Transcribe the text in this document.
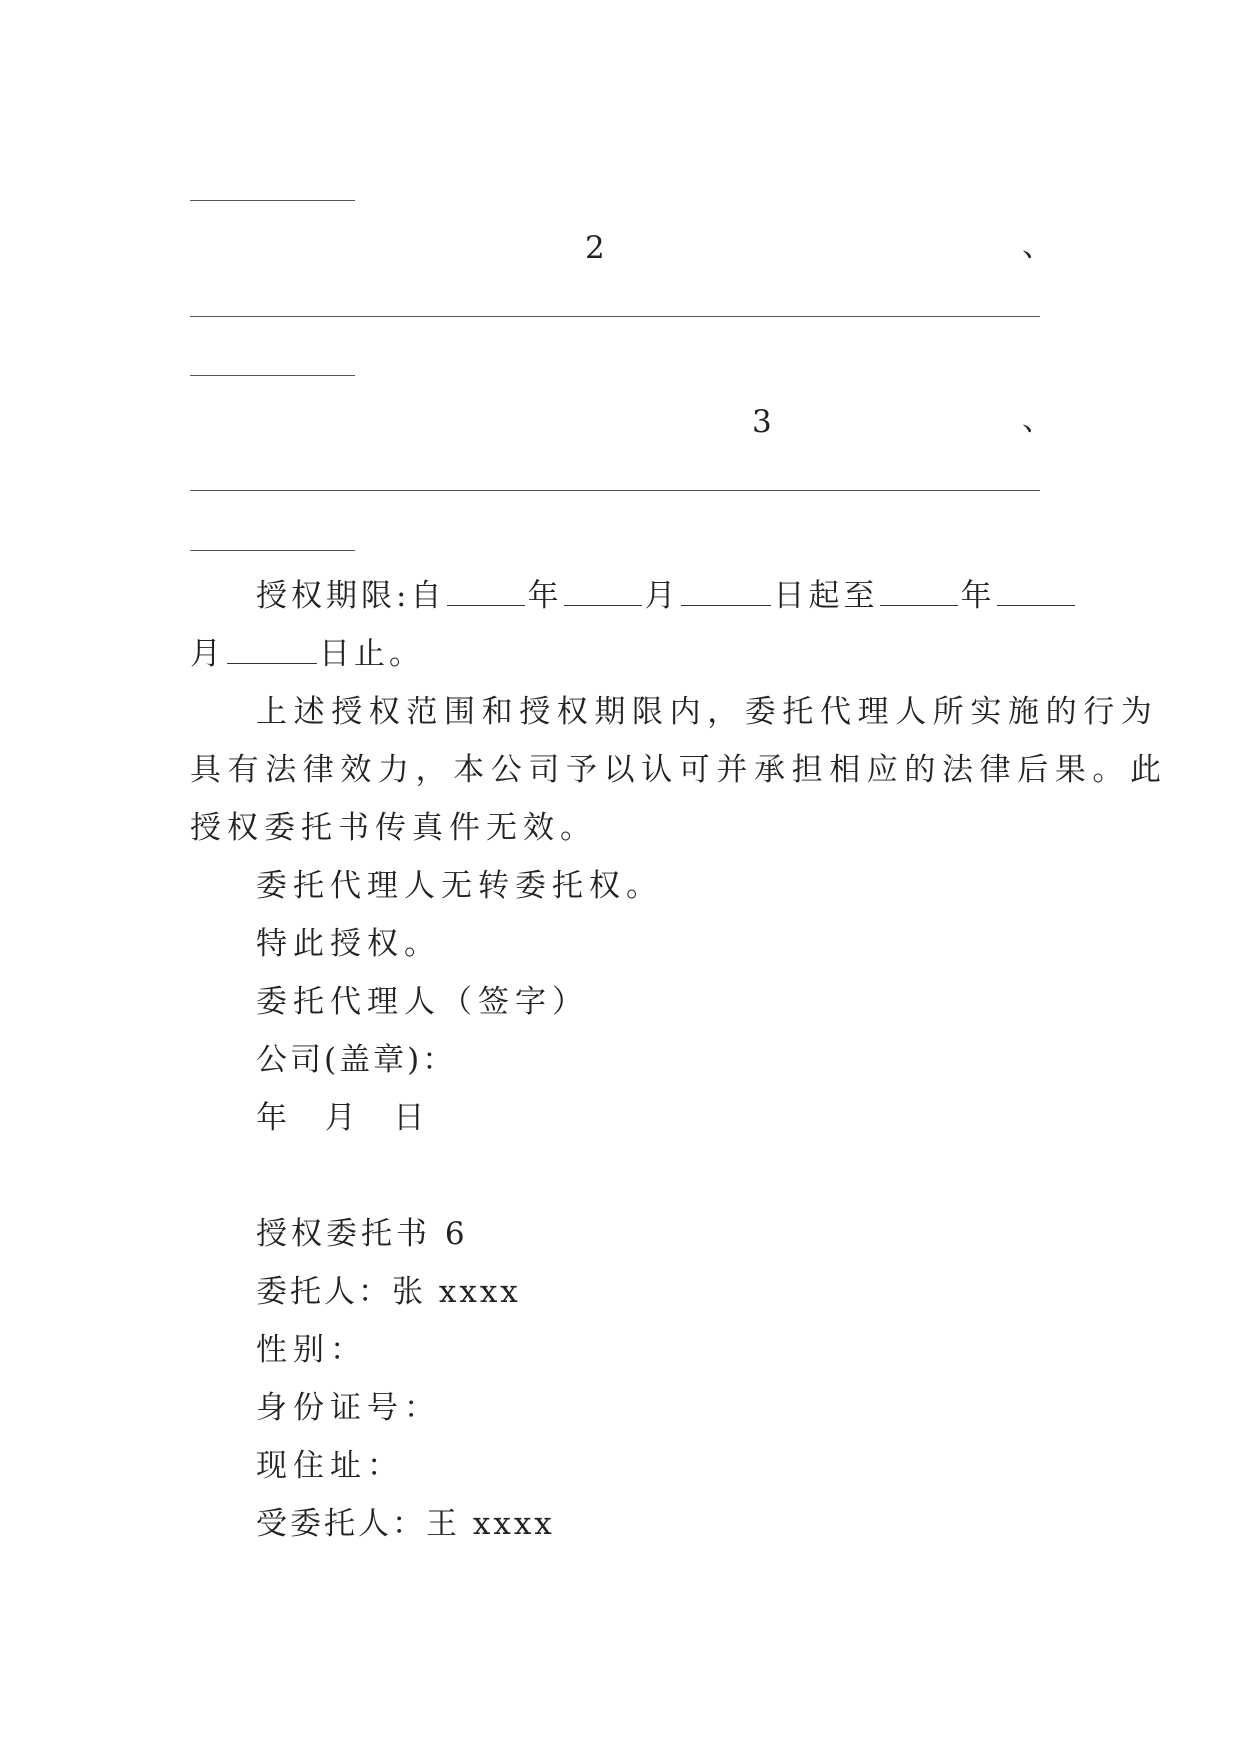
2	、
3	、
授权期限:自	年	月	日起至	年
月	日止。
上述授权范围和授权期限内，委托代理人所实施的行为
具有法律效力，本公司予以认可并承担相应的法律后果。此
授权委托书传真件无效。
委托代理人无转委托权。
特此授权。
委托代理人（签字）
公司(盖章)：
年  月  日
授权委托书 6
委托人：张 xxxx
性别：
身份证号：
现住址：
受委托人：王 xxxx
